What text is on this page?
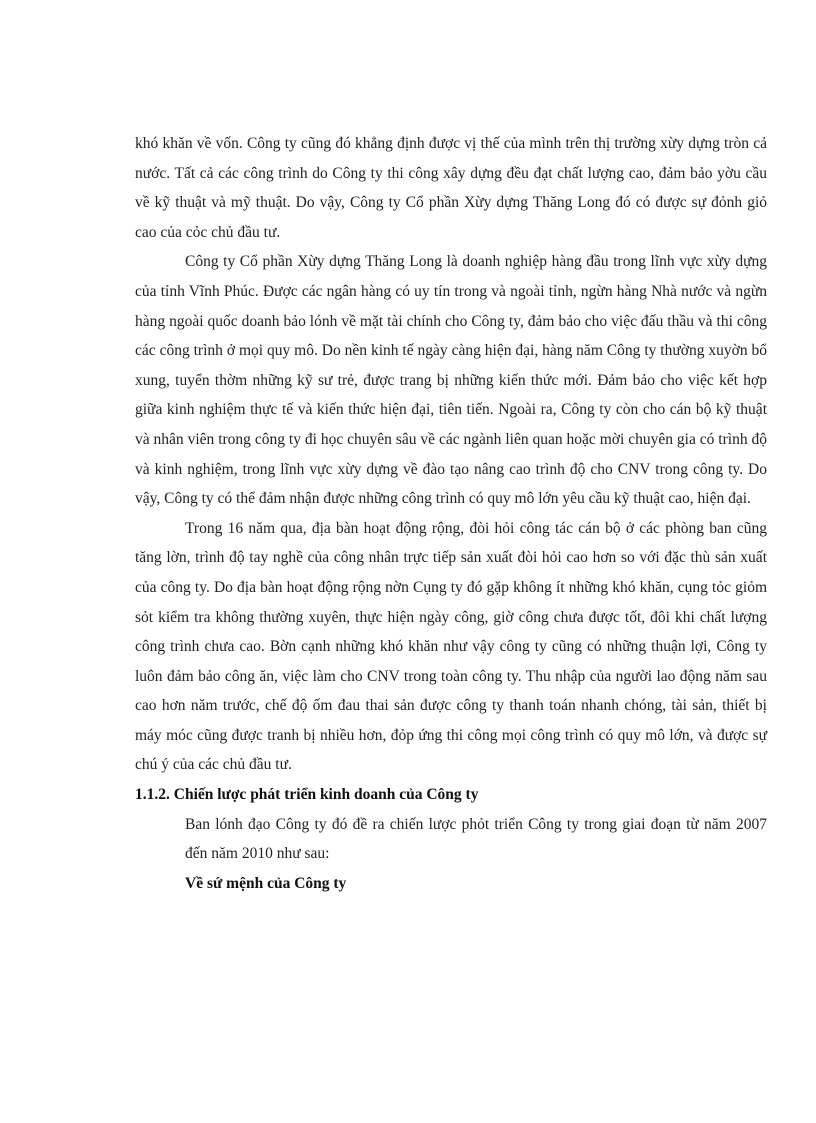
khó khăn về vốn. Công ty cũng đó khẳng định được vị thế của mình trên thị trường xừy dựng tròn cả nước. Tất cả các công trình do Công ty thi công xây dựng đều đạt chất lượng cao, đảm bảo yờu cầu về kỹ thuật và mỹ thuật. Do vậy, Công ty Cổ phần Xừy dựng Thăng Long đó có được sự đỏnh giỏ cao của cỏc chủ đầu tư.

Công ty Cổ phần Xừy dựng Thăng Long là doanh nghiệp hàng đầu trong lĩnh vực xừy dựng của tỉnh Vĩnh Phúc. Được các ngân hàng có uy tín trong và ngoài tỉnh, ngừn hàng Nhà nước và ngừn hàng ngoài quốc doanh bảo lónh về mặt tài chính cho Công ty, đảm bảo cho việc đấu thầu và thi công các công trình ở mọi quy mô. Do nền kinh tế ngày càng hiện đại, hàng năm Công ty thường xuyờn bổ xung, tuyển thờm những kỹ sư trẻ, được trang bị những kiến thức mới. Đảm bảo cho việc kết hợp giữa kinh nghiệm thực tế và kiến thức hiện đại, tiên tiến. Ngoài ra, Công ty còn cho cán bộ kỹ thuật và nhân viên trong công ty đi học chuyên sâu về các ngành liên quan hoặc mời chuyên gia có trình độ và kinh nghiệm, trong lĩnh vực xừy dựng về đào tạo nâng cao trình độ cho CNV trong công ty. Do vậy, Công ty có thể đảm nhận được những công trình có quy mô lớn yêu cầu kỹ thuật cao, hiện đại.

Trong 16 năm qua, địa bàn hoạt động rộng, đòi hỏi công tác cán bộ ở các phòng ban cũng tăng lờn, trình độ tay nghề của công nhân trực tiếp sản xuất đòi hỏi cao hơn so với đặc thù sản xuất của công ty. Do địa bàn hoạt động rộng nờn Cụng ty đó gặp không ít những khó khăn, cụng tỏc giỏm sỏt kiểm tra không thường xuyên, thực hiện ngày công, giờ công chưa được tốt, đôi khi chất lượng công trình chưa cao. Bờn cạnh những khó khăn như vậy công ty cũng có những thuận lợi, Công ty luôn đảm bảo công ăn, việc làm cho CNV trong toàn công ty. Thu nhập của người lao động năm sau cao hơn năm trước, chế độ ốm đau thai sản được công ty thanh toán nhanh chóng, tài sản, thiết bị máy móc cũng được tranh bị nhiều hơn, đỏp ứng thi công mọi công trình có quy mô lớn, và được sự chú ý của các chủ đầu tư.

1.1.2. Chiến lược phát triển kinh doanh của Công ty

Ban lónh đạo Công ty đó đề ra chiến lược phỏt triển Công ty trong giai đoạn từ năm 2007 đến năm 2010 như sau:

Về sứ mệnh của Công ty
